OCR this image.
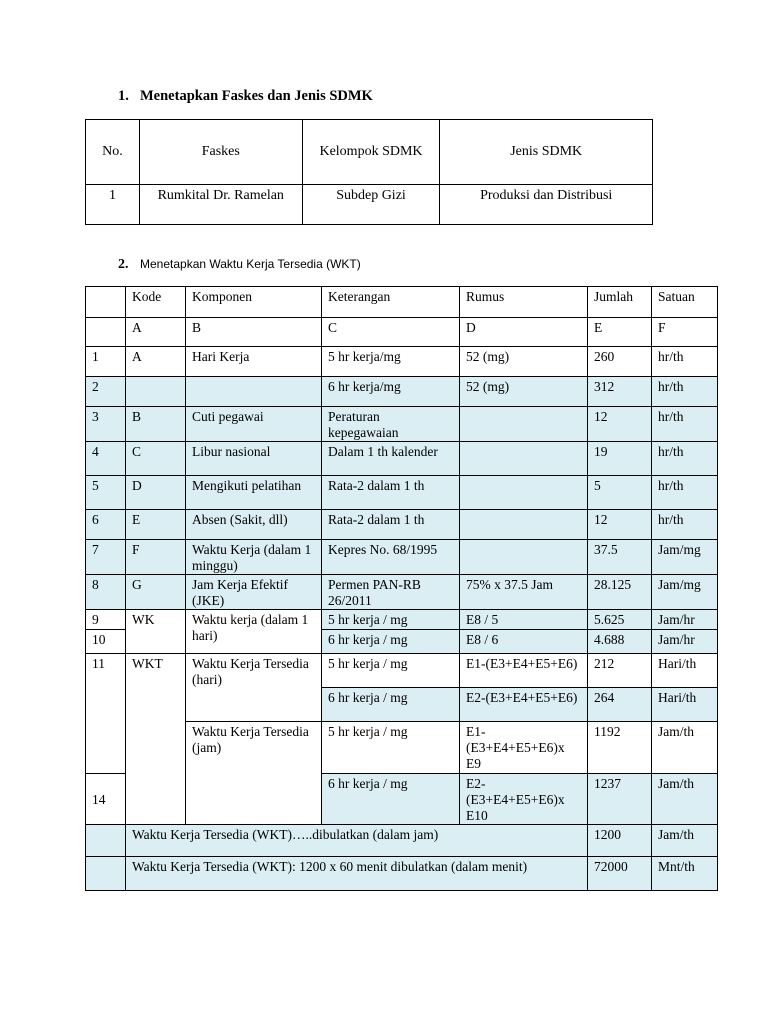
1. Menetapkan Faskes dan Jenis SDMK
No.	Faskes	Kelompok SDMK	Jenis SDMK
1	Rumkital Dr. Ramelan	Subdep Gizi	Produksi dan Distribusi
2. Menetapkan Waktu Kerja Tersedia (WKT)
	Kode	Komponen	Keterangan	Rumus	Jumlah	Satuan
	A	B	C	D	E	F
1	A	Hari Kerja	5 hr kerja/mg	52 (mg)	260	hr/th
2			6 hr kerja/mg	52 (mg)	312	hr/th
3	B	Cuti pegawai	Peraturan kepegawaian		12	hr/th
4	C	Libur nasional	Dalam 1 th kalender		19	hr/th
5	D	Mengikuti pelatihan	Rata-2 dalam 1 th		5	hr/th
6	E	Absen (Sakit, dll)	Rata-2 dalam 1 th		12	hr/th
7	F	Waktu Kerja (dalam 1 minggu)	Kepres No. 68/1995		37.5	Jam/mg
8	G	Jam Kerja Efektif (JKE)	Permen PAN-RB 26/2011	75% x 37.5 Jam	28.125	Jam/mg
9	WK	Waktu kerja (dalam 1 hari)	5 hr kerja / mg	E8 / 5	5.625	Jam/hr
10			6 hr kerja / mg	E8 / 6	4.688	Jam/hr
11	WKT	Waktu Kerja Tersedia (hari)	5 hr kerja / mg	E1-(E3+E4+E5+E6)	212	Hari/th
			6 hr kerja / mg	E2-(E3+E4+E5+E6)	264	Hari/th
		Waktu Kerja Tersedia (jam)	5 hr kerja / mg	E1-(E3+E4+E5+E6)x E9	1192	Jam/th

14			6 hr kerja / mg	E2-(E3+E4+E5+E6)x E10	1237	Jam/th

	Waktu Kerja Tersedia (WKT)…..dibulatkan (dalam jam)				1200	Jam/th
	Waktu Kerja Tersedia (WKT): 1200 x 60 menit dibulatkan (dalam menit)				72000	Mnt/th
